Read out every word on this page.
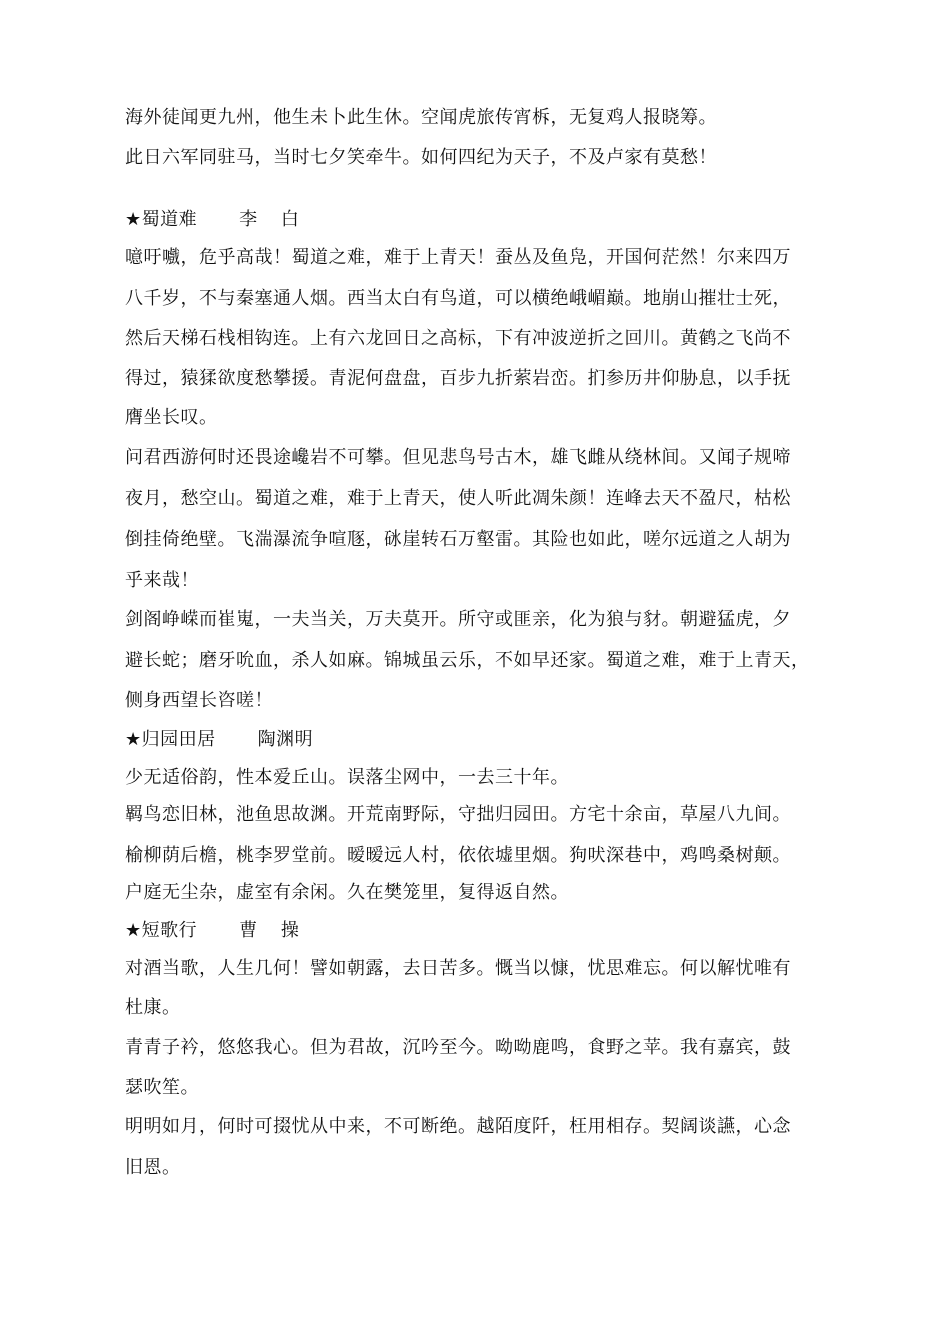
海外徒闻更九州，他生未卜此生休。空闻虎旅传宵柝，无复鸡人报晓筹。
此日六军同驻马，当时七夕笑牵牛。如何四纪为天子，不及卢家有莫愁！
★蜀道难 李 白
噫吁嚱，危乎高哉！蜀道之难，难于上青天！蚕丛及鱼凫，开国何茫然！尔来四万
八千岁，不与秦塞通人烟。西当太白有鸟道，可以横绝峨嵋巅。地崩山摧壮士死，
然后天梯石栈相钩连。上有六龙回日之高标，下有冲波逆折之回川。黄鹤之飞尚不
得过，猿猱欲度愁攀援。青泥何盘盘，百步九折萦岩峦。扪参历井仰胁息，以手抚
膺坐长叹。
问君西游何时还畏途巉岩不可攀。但见悲鸟号古木，雄飞雌从绕林间。又闻子规啼
夜月，愁空山。蜀道之难，难于上青天，使人听此凋朱颜！连峰去天不盈尺，枯松
倒挂倚绝壁。飞湍瀑流争喧豗，砯崖转石万壑雷。其险也如此，嗟尔远道之人胡为
乎来哉！
剑阁峥嵘而崔嵬，一夫当关，万夫莫开。所守或匪亲，化为狼与豺。朝避猛虎，夕
避长蛇；磨牙吮血，杀人如麻。锦城虽云乐，不如早还家。蜀道之难，难于上青天，
侧身西望长咨嗟！
★归园田居 陶渊明
少无适俗韵，性本爱丘山。误落尘网中，一去三十年。
羁鸟恋旧林，池鱼思故渊。开荒南野际，守拙归园田。方宅十余亩，草屋八九间。
榆柳荫后檐，桃李罗堂前。暧暧远人村，依依墟里烟。狗吠深巷中，鸡鸣桑树颠。
户庭无尘杂，虚室有余闲。久在樊笼里，复得返自然。
★短歌行 曹 操
对酒当歌，人生几何！譬如朝露，去日苦多。慨当以慷，忧思难忘。何以解忧唯有
杜康。
青青子衿，悠悠我心。但为君故，沉吟至今。呦呦鹿鸣，食野之苹。我有嘉宾，鼓
瑟吹笙。
明明如月，何时可掇忧从中来，不可断绝。越陌度阡，枉用相存。契阔谈讌，心念
旧恩。
